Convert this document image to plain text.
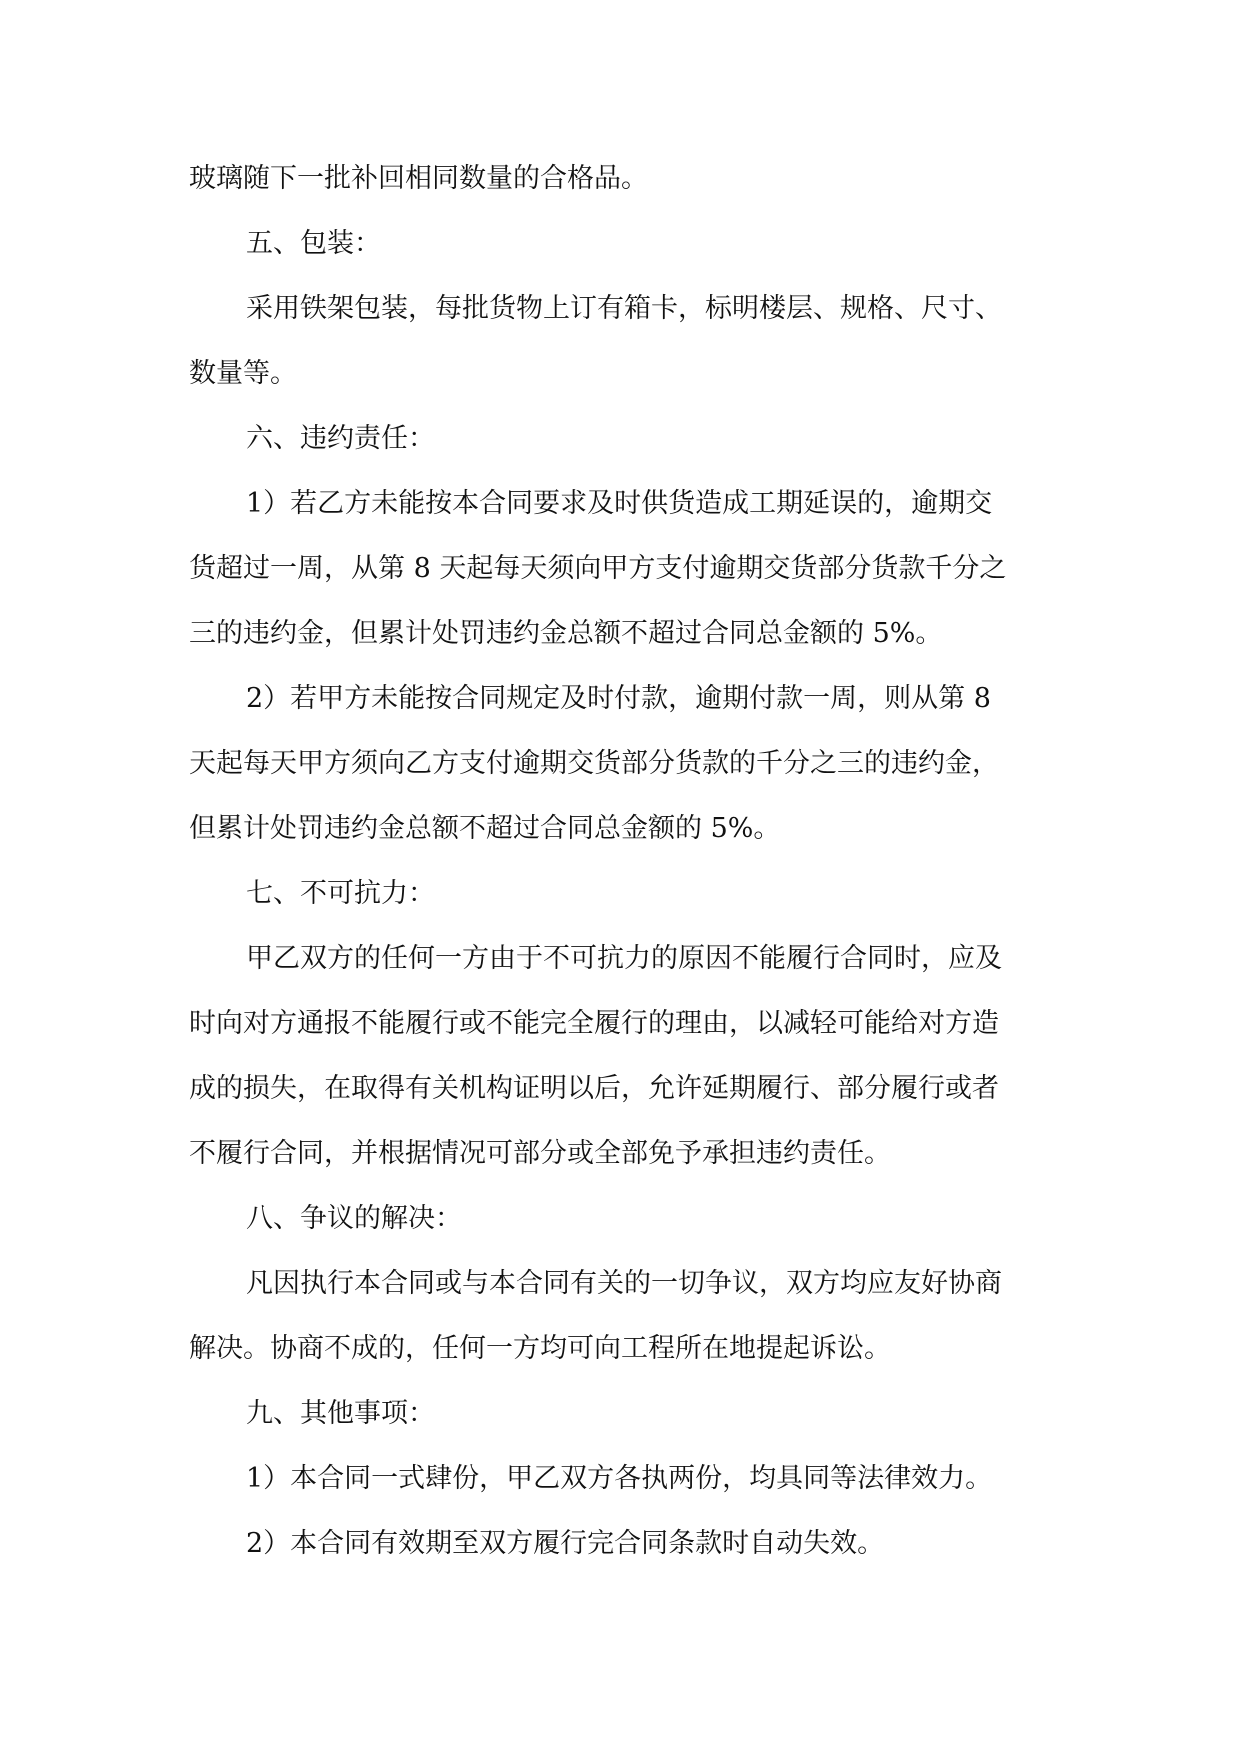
玻璃随下一批补回相同数量的合格品。
五、包装：
采用铁架包装，每批货物上订有箱卡，标明楼层、规格、尺寸、
数量等。
六、违约责任：
1）若乙方未能按本合同要求及时供货造成工期延误的，逾期交
货超过一周，从第 8 天起每天须向甲方支付逾期交货部分货款千分之
三的违约金，但累计处罚违约金总额不超过合同总金额的 5%。
2）若甲方未能按合同规定及时付款，逾期付款一周，则从第 8
天起每天甲方须向乙方支付逾期交货部分货款的千分之三的违约金，
但累计处罚违约金总额不超过合同总金额的 5%。
七、不可抗力：
甲乙双方的任何一方由于不可抗力的原因不能履行合同时，应及
时向对方通报不能履行或不能完全履行的理由，以减轻可能给对方造
成的损失，在取得有关机构证明以后，允许延期履行、部分履行或者
不履行合同，并根据情况可部分或全部免予承担违约责任。
八、争议的解决：
凡因执行本合同或与本合同有关的一切争议，双方均应友好协商
解决。协商不成的，任何一方均可向工程所在地提起诉讼。
九、其他事项：
1）本合同一式肆份，甲乙双方各执两份，均具同等法律效力。
2）本合同有效期至双方履行完合同条款时自动失效。
